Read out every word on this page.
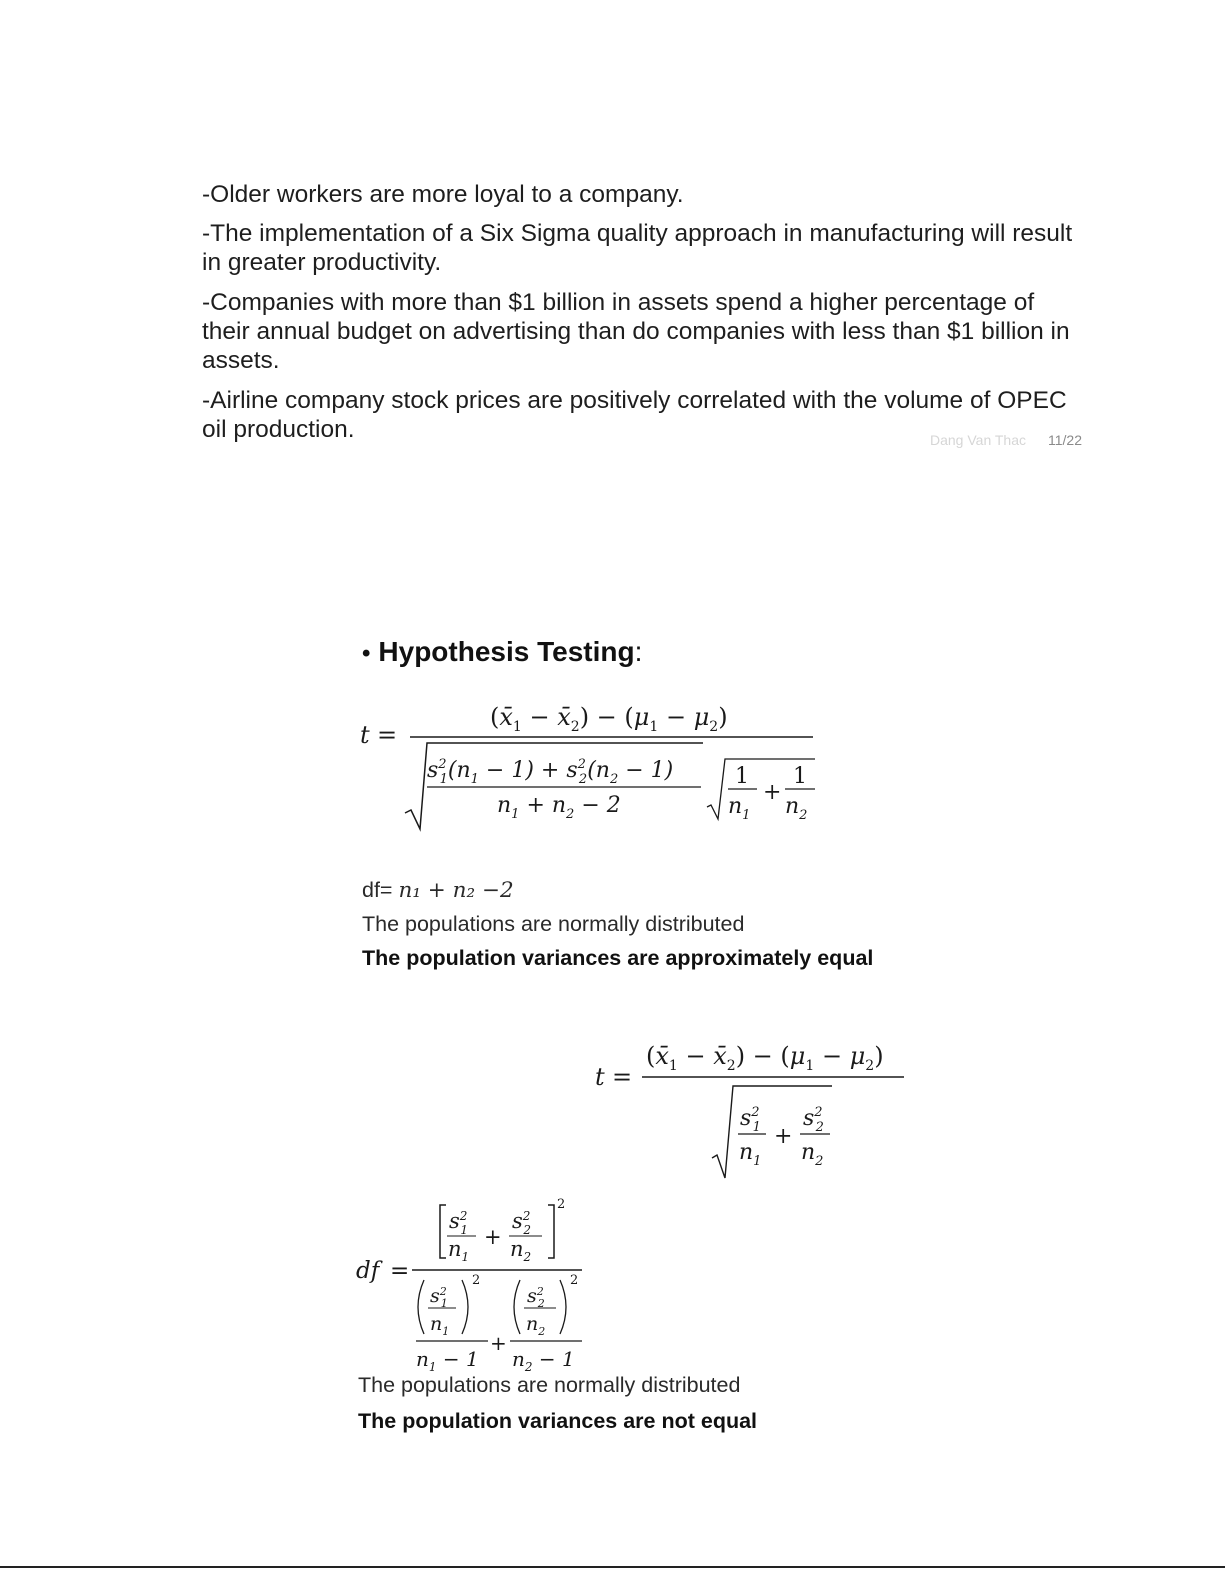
-Older workers are more loyal to a company.

-The implementation of a Six Sigma quality approach in manufacturing will result in greater productivity.

-Companies with more than $1 billion in assets spend a higher percentage of their annual budget on advertising than do companies with less than $1 billion in assets.

-Airline company stock prices are positively correlated with the volume of OPEC oil production.	Dang Van Thac 11/22
• Hypothesis Testing:
t =
($x̄_1$ − $x̄_2) - (\mu_1 - \mu_2)$
$s^2$ $1(n_1 - 1) + s^2$ $2(n_2 - 1)$
$n_1 + n_2 - 2$
1
$n_1$
+
1
$n_2$
df= n₁ + n₂ −2
The populations are normally distributed
The population variances are approximately equal
t =
($x̄_1$ − $x̄_2) - (\mu_1 - \mu_2)$
$s^2$ 1
$n_1$
+
$s^2$ 2
$n_2$
df =
$s^2$ 1
$n_1$
+
$s^2$ 2
$n_2$
2
$s^2$ 1
$n_1$
2
$n_1 - 1$
+
$s^2$ 2
$n_2$
2
$n_2 - 1$
The populations are normally distributed
The population variances are not equal
